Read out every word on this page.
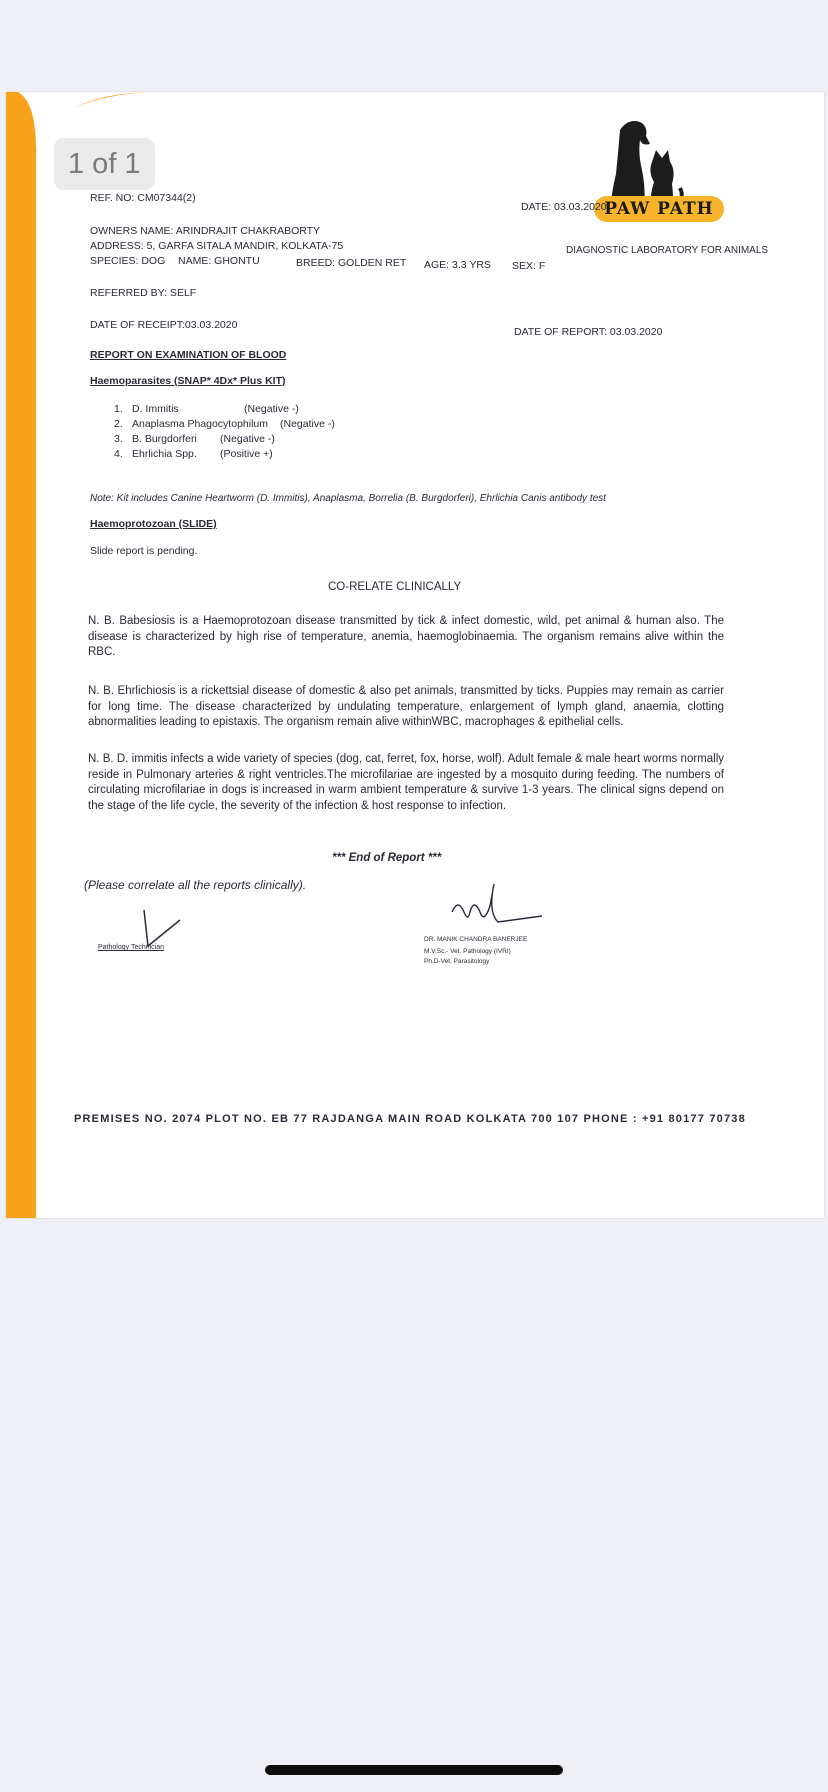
1 of 1
PAW PATH
REF. NO: CM07344(2)
DATE: 03.03.2020
OWNERS NAME: ARINDRAJIT CHAKRABORTY
ADDRESS: 5, GARFA SITALA MANDIR, KOLKATA-75	DIAGNOSTIC LABORATORY FOR ANIMALS
SPECIES: DOG NAME: GHONTU	BREED: GOLDEN RET AGE: 3.3 YRS SEX: F
REFERRED BY: SELF
DATE OF RECEIPT:03.03.2020
DATE OF REPORT: 03.03.2020
REPORT ON EXAMINATION OF BLOOD
Haemoparasites (SNAP* 4Dx* Plus KIT)
1. D. Immitis	(Negative -)
2. Anaplasma Phagocytophilum (Negative -)
3. B. Burgdorferi	(Negative -)
4. Ehrlichia Spp.	(Positive +)
Note: Kit includes Canine Heartworm (D. Immitis), Anaplasma, Borrelia (B. Burgdorferi), Ehrlichia Canis antibody test
Haemoprotozoan (SLIDE)
Slide report is pending.
CO-RELATE CLINICALLY
N. B. Babesiosis is a Haemoprotozoan disease transmitted by tick & infect domestic, wild, pet animal & human also. The disease is characterized by high rise of temperature, anemia, haemoglobinaemia. The organism remains alive within the RBC.
N. B. Ehrlichiosis is a rickettsial disease of domestic & also pet animals, transmitted by ticks. Puppies may remain as carrier for long time. The disease characterized by undulating temperature, enlargement of lymph gland, anaemia, clotting abnormalities leading to epistaxis. The organism remain alive withinWBC, macrophages & epithelial cells.
N. B. D. immitis infects a wide variety of species (dog, cat, ferret, fox, horse, wolf). Adult female & male heart worms normally reside in Pulmonary arteries & right ventricles.The microfilariae are ingested by a mosquito during feeding. The numbers of circulating microfilariae in dogs is increased in warm ambient temperature & survive 1-3 years. The clinical signs depend on the stage of the life cycle, the severity of the infection & host response to infection.
*** End of Report ***
(Please correlate all the reports clinically).
Pathology Technician
DR. MANIK CHANDRA BANERJEE
M.V.Sc.- Vet. Pathology (IVRI)
Ph.D-Vet. Parasitology
PREMISES NO. 2074 PLOT NO. EB 77 RAJDANGA MAIN ROAD KOLKATA 700 107 PHONE : +91 80177 70738
